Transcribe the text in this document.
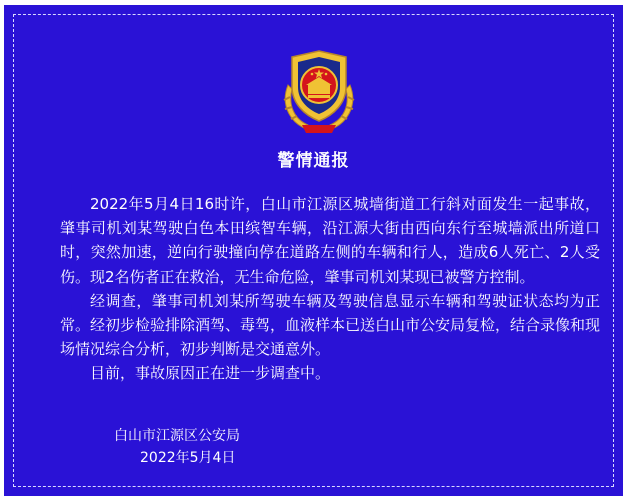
警情通报

2022年5月4日16时许，白山市江源区城墙街道工行斜对面发生一起事故，肇事司机刘某驾驶白色本田缤智车辆，沿江源大街由西向东行至城墙派出所道口时，突然加速，逆向行驶撞向停在道路左侧的车辆和行人，造成6人死亡、2人受伤。现2名伤者正在救治，无生命危险，肇事司机刘某现已被警方控制。

经调查，肇事司机刘某所驾驶车辆及驾驶信息显示车辆和驾驶证状态均为正常。经初步检验排除酒驾、毒驾，血液样本已送白山市公安局复检，结合录像和现场情况综合分析，初步判断是交通意外。

目前，事故原因正在进一步调查中。

白山市江源区公安局
2022年5月4日
